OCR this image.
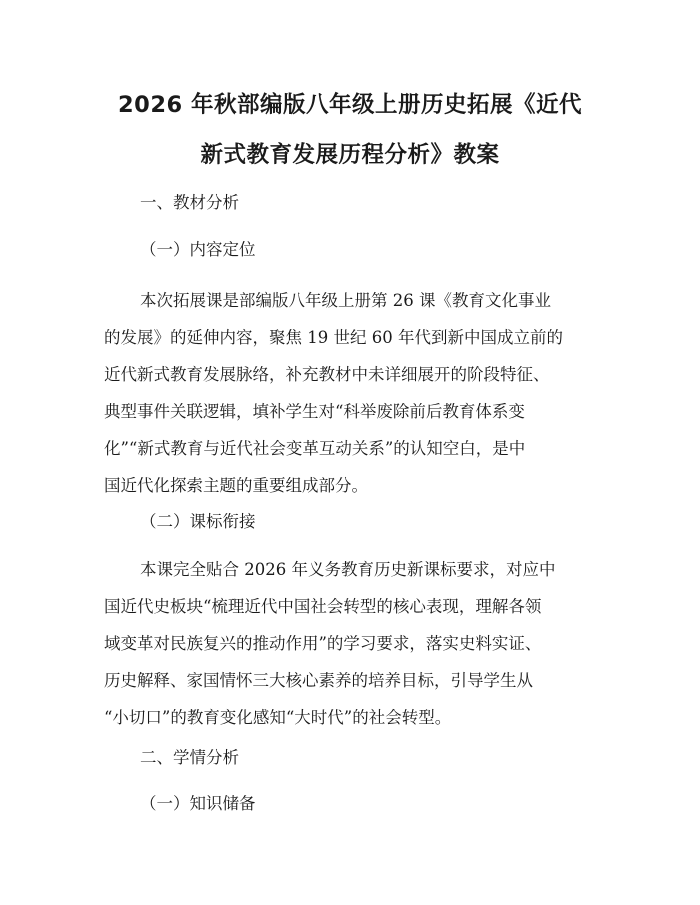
2026 年秋部编版八年级上册历史拓展《近代
新式教育发展历程分析》教案

一、教材分析

（一）内容定位

本次拓展课是部编版八年级上册第 26 课《教育文化事业
的发展》的延伸内容，聚焦 19 世纪 60 年代到新中国成立前的
近代新式教育发展脉络，补充教材中未详细展开的阶段特征、
典型事件关联逻辑，填补学生对“科举废除前后教育体系变
化”“新式教育与近代社会变革互动关系”的认知空白，是中
国近代化探索主题的重要组成部分。

（二）课标衔接

本课完全贴合 2026 年义务教育历史新课标要求，对应中
国近代史板块“梳理近代中国社会转型的核心表现，理解各领
域变革对民族复兴的推动作用”的学习要求，落实史料实证、
历史解释、家国情怀三大核心素养的培养目标，引导学生从
“小切口”的教育变化感知“大时代”的社会转型。

二、学情分析

（一）知识储备
